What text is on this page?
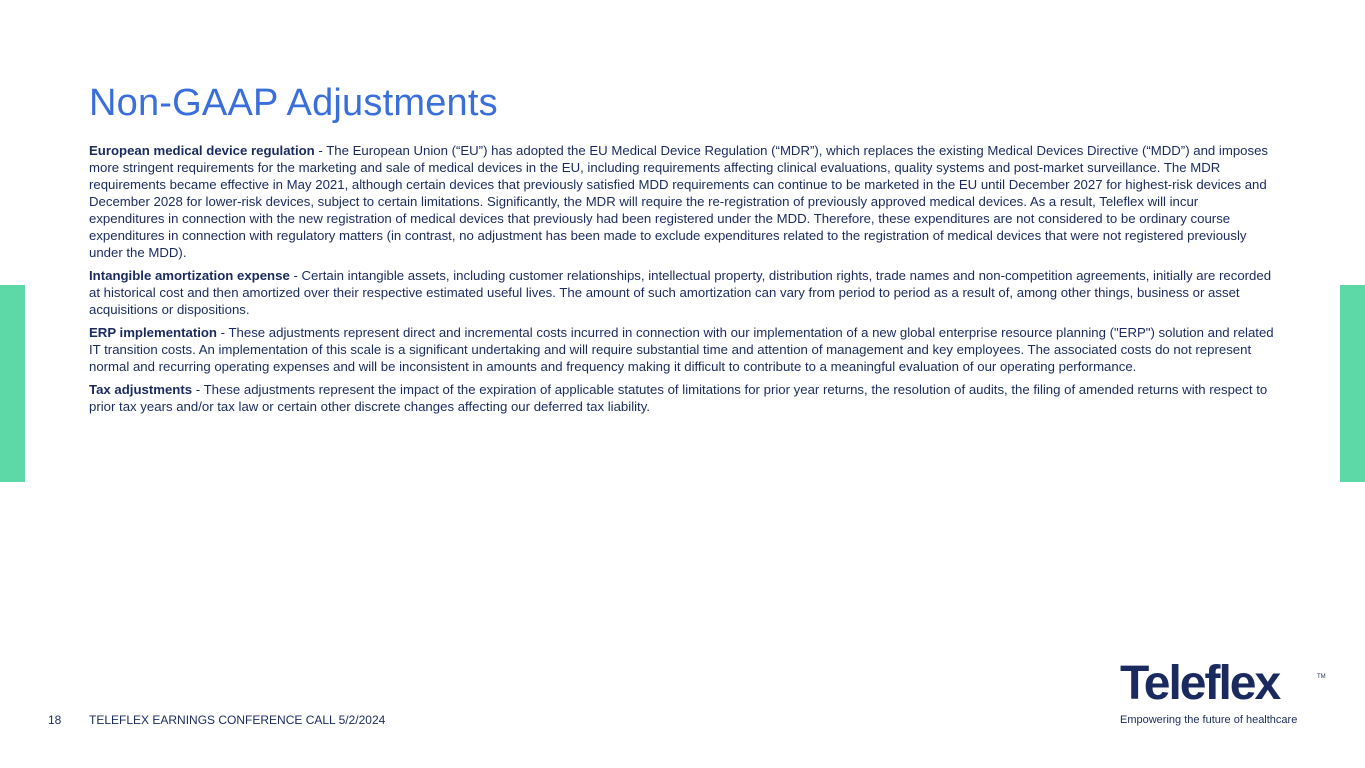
Non-GAAP Adjustments

European medical device regulation - The European Union (“EU”) has adopted the EU Medical Device Regulation (“MDR”), which replaces the existing Medical Devices Directive (“MDD”) and imposes more stringent requirements for the marketing and sale of medical devices in the EU, including requirements affecting clinical evaluations, quality systems and post-market surveillance. The MDR requirements became effective in May 2021, although certain devices that previously satisfied MDD requirements can continue to be marketed in the EU until December 2027 for highest-risk devices and December 2028 for lower-risk devices, subject to certain limitations. Significantly, the MDR will require the re-registration of previously approved medical devices. As a result, Teleflex will incur expenditures in connection with the new registration of medical devices that previously had been registered under the MDD. Therefore, these expenditures are not considered to be ordinary course expenditures in connection with regulatory matters (in contrast, no adjustment has been made to exclude expenditures related to the registration of medical devices that were not registered previously under the MDD).

Intangible amortization expense - Certain intangible assets, including customer relationships, intellectual property, distribution rights, trade names and non-competition agreements, initially are recorded at historical cost and then amortized over their respective estimated useful lives. The amount of such amortization can vary from period to period as a result of, among other things, business or asset acquisitions or dispositions.

ERP implementation - These adjustments represent direct and incremental costs incurred in connection with our implementation of a new global enterprise resource planning ("ERP") solution and related IT transition costs. An implementation of this scale is a significant undertaking and will require substantial time and attention of management and key employees. The associated costs do not represent normal and recurring operating expenses and will be inconsistent in amounts and frequency making it difficult to contribute to a meaningful evaluation of our operating performance.

Tax adjustments - These adjustments represent the impact of the expiration of applicable statutes of limitations for prior year returns, the resolution of audits, the filing of amended returns with respect to prior tax years and/or tax law or certain other discrete changes affecting our deferred tax liability.

18 TELEFLEX EARNINGS CONFERENCE CALL 5/2/2024
Teleflex	TM
Empowering the future of healthcare
